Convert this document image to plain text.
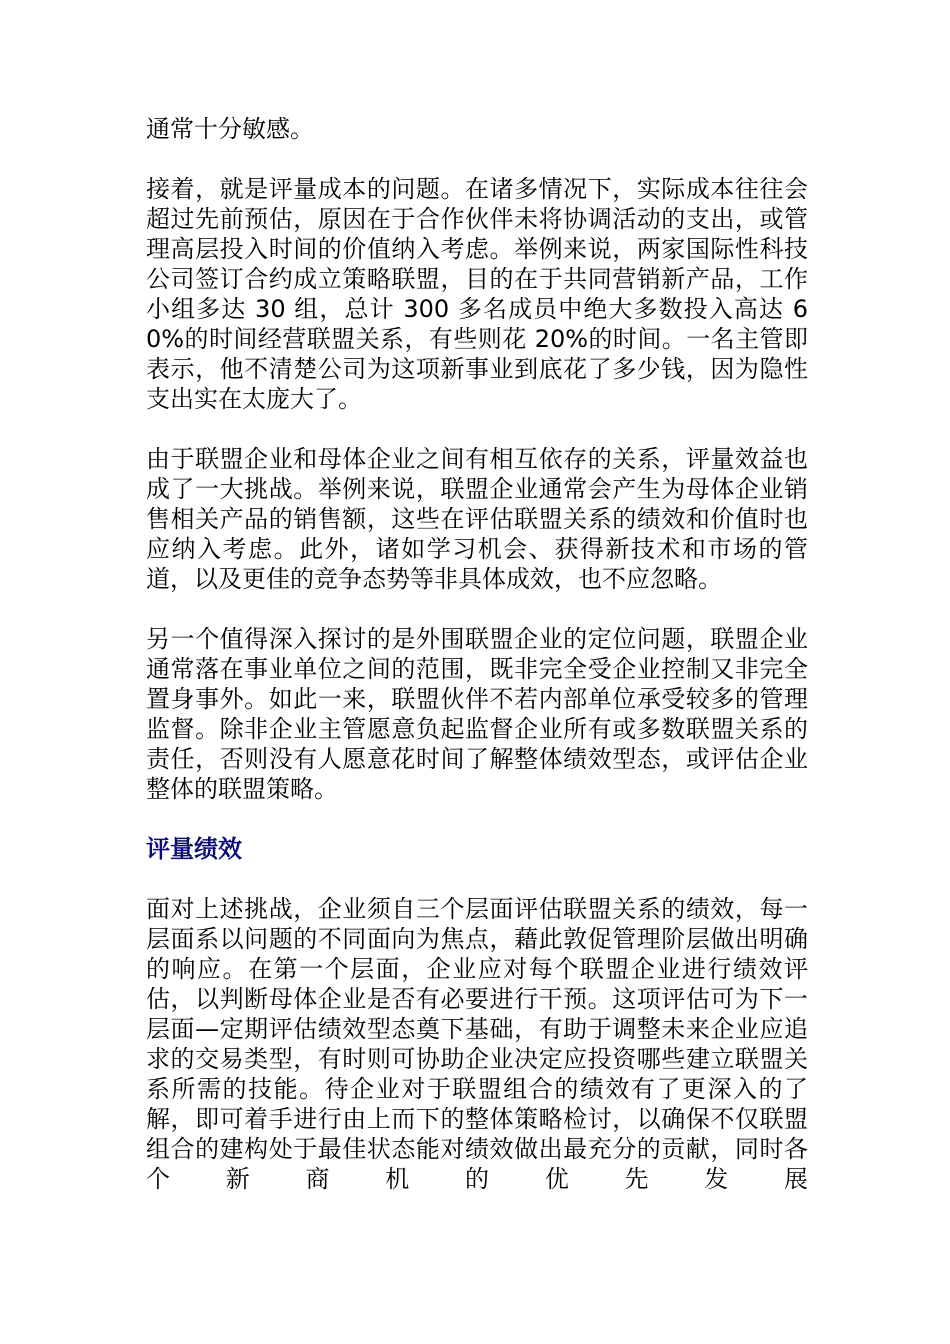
通常十分敏感。

接着，就是评量成本的问题。在诸多情况下，实际成本往往会超过先前预估，原因在于合作伙伴未将协调活动的支出，或管理高层投入时间的价值纳入考虑。举例来说，两家国际性科技公司签订合约成立策略联盟，目的在于共同营销新产品，工作小组多达 30 组，总计 300 多名成员中绝大多数投入高达 60%的时间经营联盟关系，有些则花 20%的时间。一名主管即表示，他不清楚公司为这项新事业到底花了多少钱，因为隐性支出实在太庞大了。

由于联盟企业和母体企业之间有相互依存的关系，评量效益也成了一大挑战。举例来说，联盟企业通常会产生为母体企业销售相关产品的销售额，这些在评估联盟关系的绩效和价值时也应纳入考虑。此外，诸如学习机会、获得新技术和市场的管道，以及更佳的竞争态势等非具体成效，也不应忽略。

另一个值得深入探讨的是外围联盟企业的定位问题，联盟企业通常落在事业单位之间的范围，既非完全受企业控制又非完全置身事外。如此一来，联盟伙伴不若内部单位承受较多的管理监督。除非企业主管愿意负起监督企业所有或多数联盟关系的责任，否则没有人愿意花时间了解整体绩效型态，或评估企业整体的联盟策略。

评量绩效

面对上述挑战，企业须自三个层面评估联盟关系的绩效，每一层面系以问题的不同面向为焦点，藉此敦促管理阶层做出明确的响应。在第一个层面，企业应对每个联盟企业进行绩效评估，以判断母体企业是否有必要进行干预。这项评估可为下一层面—定期评估绩效型态奠下基础，有助于调整未来企业应追求的交易类型，有时则可协助企业决定应投资哪些建立联盟关系所需的技能。待企业对于联盟组合的绩效有了更深入的了解，即可着手进行由上而下的整体策略检讨，以确保不仅联盟组合的建构处于最佳状态能对绩效做出最充分的贡献，同时各个新商机的优先发展
